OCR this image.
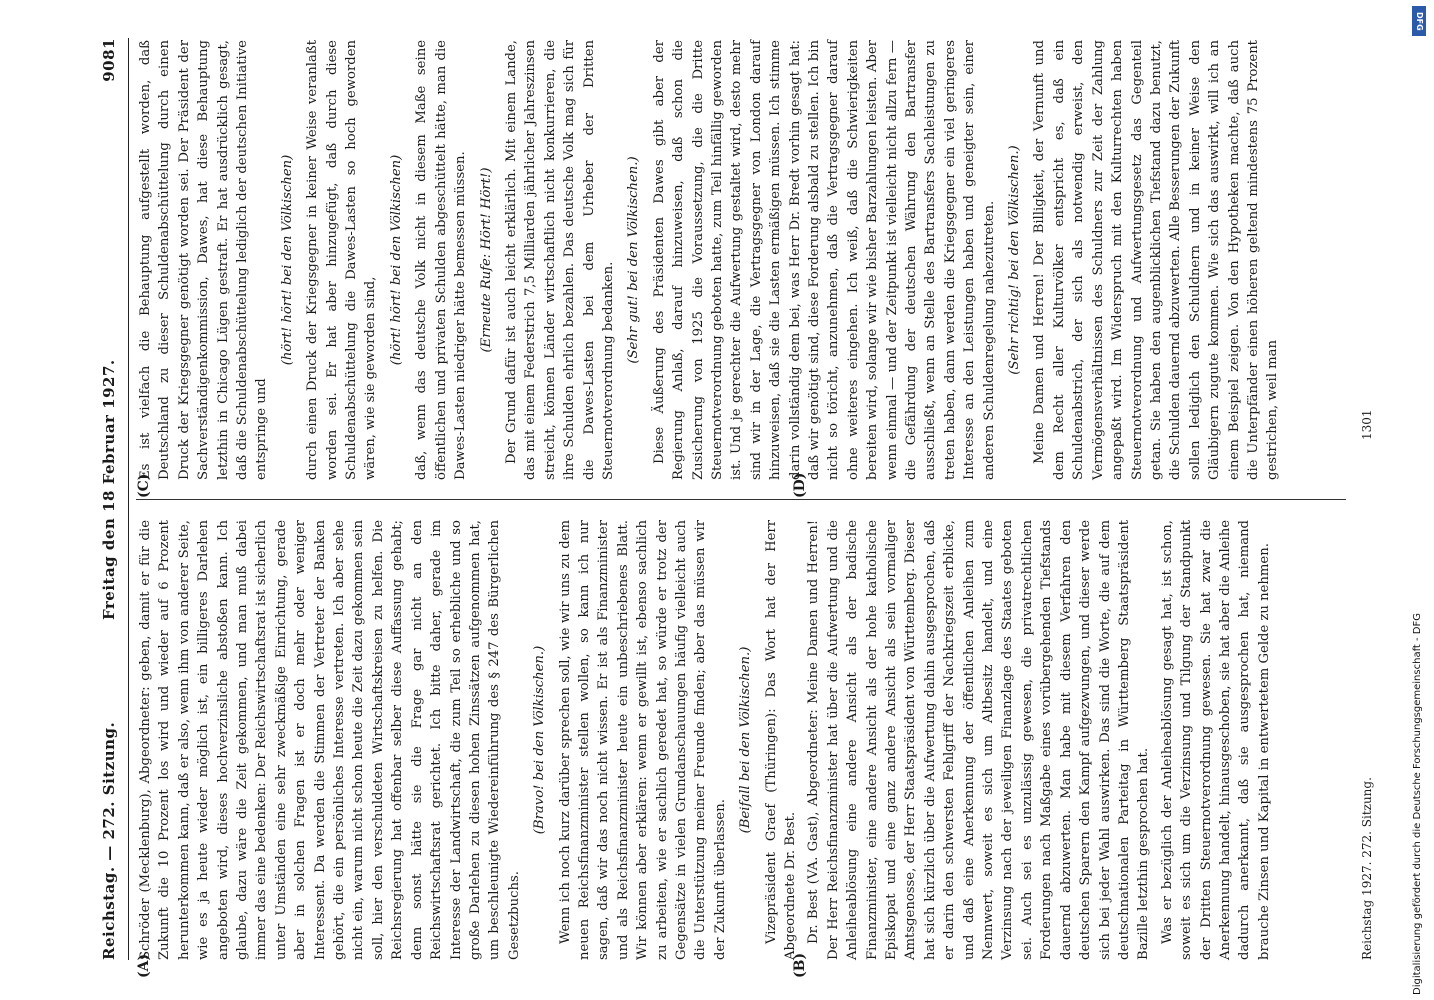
Reichstag. — 272. Sitzung.
Freitag den 18 Februar 1927.
9081
(A)	(B)
(C)	(D)

Schröder (Mecklenburg), Abgeordneter: geben, damit er für die Zukunft die 10 Prozent los wird und wieder auf 6 Prozent herunterkommen kann, daß er also, wenn ihm von anderer Seite, wie es ja heute wieder möglich ist, ein billigeres Darlehen angeboten wird, dieses hochverzinsliche abstoßen kann. Ich glaube, dazu wäre die Zeit gekommen, und man muß dabei immer das eine bedenken: Der Reichswirtschaftsrat ist sicherlich unter Umständen eine sehr zweckmäßige Einrichtung, gerade aber in solchen Fragen ist er doch mehr oder weniger Interessent. Da werden die Stimmen der Vertreter der Banken gehört, die ein persönliches Interesse vertreten. Ich aber sehe nicht ein, warum nicht schon heute die Zeit dazu gekommen sein soll, hier den verschuldeten Wirtschaftskreisen zu helfen. Die Reichsregierung hat offenbar selber diese Auffassung gehabt; denn sonst hätte sie die Frage gar nicht an den Reichswirtschaftsrat gerichtet. Ich bitte daher, gerade im Interesse der Landwirtschaft, die zum Teil so erhebliche und so große Darlehen zu diesen hohen Zinssätzen aufgenommen hat, um beschleunigte Wiedereinführung des § 247 des Bürgerlichen Gesetzbuchs.

(Bravo! bei den Völkischen.) Wenn ich noch kurz darüber sprechen soll, wie wir uns zu dem neuen Reichsfinanzminister stellen wollen, so kann ich nur sagen, daß wir das noch nicht wissen. Er ist als Finanzminister und als Reichsfinanzminister heute ein unbeschriebenes Blatt. Wir können aber erklären: wenn er gewillt ist, ebenso sachlich zu arbeiten, wie er sachlich geredet hat, so würde er trotz der Gegensätze in vielen Grundanschauungen häufig vielleicht auch die Unterstützung meiner Freunde finden; aber das müssen wir der Zukunft überlassen.

(Beifall bei den Völkischen.) Vizepräsident Graef (Thüringen): Das Wort hat der Herr Abgeordnete Dr. Best. Dr. Best (VA. Gast), Abgeordneter: Meine Damen und Herren! Der Herr Reichsfinanzminister hat über die Aufwertung und die Anleiheablösung eine andere Ansicht als der badische Finanzminister, eine andere Ansicht als der hohe katholische Episkopat und eine ganz andere Ansicht als sein vormaliger Amtsgenosse, der Herr Staatspräsident von Württemberg. Dieser hat sich kürzlich über die Aufwertung dahin ausgesprochen, daß er darin den schwersten Fehlgriff der Nachkriegszeit erblicke, und daß eine Anerkennung der öffentlichen Anleihen zum Nennwert, soweit es sich um Altbesitz handelt, und eine Verzinsung nach der jeweiligen Finanzlage des Staates geboten sei. Auch sei es unzulässig gewesen, die privatrechtlichen Forderungen nach Maßgabe eines vorübergehenden Tiefstands dauernd abzuwerten. Man habe mit diesem Verfahren den deutschen Sparern den Kampf aufgezwungen, und dieser werde sich bei jeder Wahl auswirken. Das sind die Worte, die auf dem deutschnationalen Parteitag in Württemberg Staatspräsident Bazille letzthin gesprochen hat. Was er bezüglich der Anleiheablösung gesagt hat, ist schon, soweit es sich um die Verzinsung und Tilgung der Standpunkt der Dritten Steuernotverordnung gewesen. Sie hat zwar die Anerkennung handelt, hinausgeschoben, sie hat aber die Anleihe dadurch anerkannt, daß sie ausgesprochen hat, niemand brauche Zinsen und Kapital in entwertetem Gelde zu nehmen.

Es ist vielfach die Behauptung aufgestellt worden, daß Deutschland zu dieser Schuldenabschüttelung durch einen Druck der Kriegsgegner genötigt worden sei. Der Präsident der Sachverständigenkommission, Dawes, hat diese Behauptung letzthin in Chicago Lügen gestraft. Er hat ausdrücklich gesagt, daß die Schuldenabschüttelung lediglich der deutschen Initiative entspringe und

(hört! hört! bei den Völkischen) durch einen Druck der Kriegsgegner in keiner Weise veranlaßt worden sei. Er hat aber hinzugefügt, daß durch diese Schuldenabschüttelung die Dawes-Lasten so hoch geworden wären, wie sie geworden sind,

(hört! hört! bei den Völkischen) daß, wenn das deutsche Volk nicht in diesem Maße seine öffentlichen und privaten Schulden abgeschüttelt hätte, man die Dawes-Lasten niedriger hätte bemessen müssen. (Erneute Rufe: Hört! Hört!) Der Grund dafür ist auch leicht erklärlich. Mit einem Lande, das mit einem Federstrich 7,5 Milliarden jährlicher Jahreszinsen streicht, können Länder wirtschaftlich nicht konkurrieren, die ihre Schulden ehrlich bezahlen. Das deutsche Volk mag sich für die Dawes-Lasten bei dem Urheber der Dritten Steuernotverordnung bedanken.

(Sehr gut! bei den Völkischen.) Diese Äußerung des Präsidenten Dawes gibt aber der Regierung Anlaß, darauf hinzuweisen, daß schon die Zusicherung von 1925 die Voraussetzung, die die Dritte Steuernotverordnung geboten hatte, zum Teil hinfällig geworden ist. Und je gerechter die Aufwertung gestaltet wird, desto mehr sind wir in der Lage, die Vertragsgegner von London darauf hinzuweisen, daß sie die Lasten ermäßigen müssen. Ich stimme darin vollständig dem bei, was Herr Dr. Bredt vorhin gesagt hat: daß wir genötigt sind, diese Forderung alsbald zu stellen. Ich bin nicht so töricht, anzunehmen, daß die Vertragsgegner darauf ohne weiteres eingehen. Ich weiß, daß die Schwierigkeiten bereiten wird, solange wir wie bisher Barzahlungen leisten. Aber wenn einmal — und der Zeitpunkt ist vielleicht nicht allzu fern — die Gefährdung der deutschen Währung den Bartransfer ausschließt, wenn an Stelle des Bartransfers Sachleistungen zu treten haben, dann werden die Kriegsgegner ein viel geringeres Interesse an den Leistungen haben und geneigter sein, einer anderen Schuldenregelung nahezutreten. (Sehr richtig! bei den Völkischen.) Meine Damen und Herren! Der Billigkeit, der Vernunft und dem Recht aller Kulturvölker entspricht es, daß ein Schuldenabstrich, der sich als notwendig erweist, den Vermögensverhältnissen des Schuldners zur Zeit der Zahlung angepaßt wird. Im Widerspruch mit den Kulturrechten haben Steuernotverordnung und Aufwertungsgesetz das Gegenteil getan. Sie haben den augenblicklichen Tiefstand dazu benutzt, die Schulden dauernd abzuwerten. Alle Besserungen der Zukunft sollen lediglich den Schuldnern und in keiner Weise den Gläubigern zugute kommen. Wie sich das auswirkt, will ich an einem Beispiel zeigen. Von den Hypotheken machte, daß auch die Unterpfänder einen höheren geltend mindestens 75 Prozent gestrichen, weil man

Reichstag 1927. 272. Sitzung.
1301
DFG
Digitalisierung gefördert durch die Deutsche Forschungsgemeinschaft - DFG
